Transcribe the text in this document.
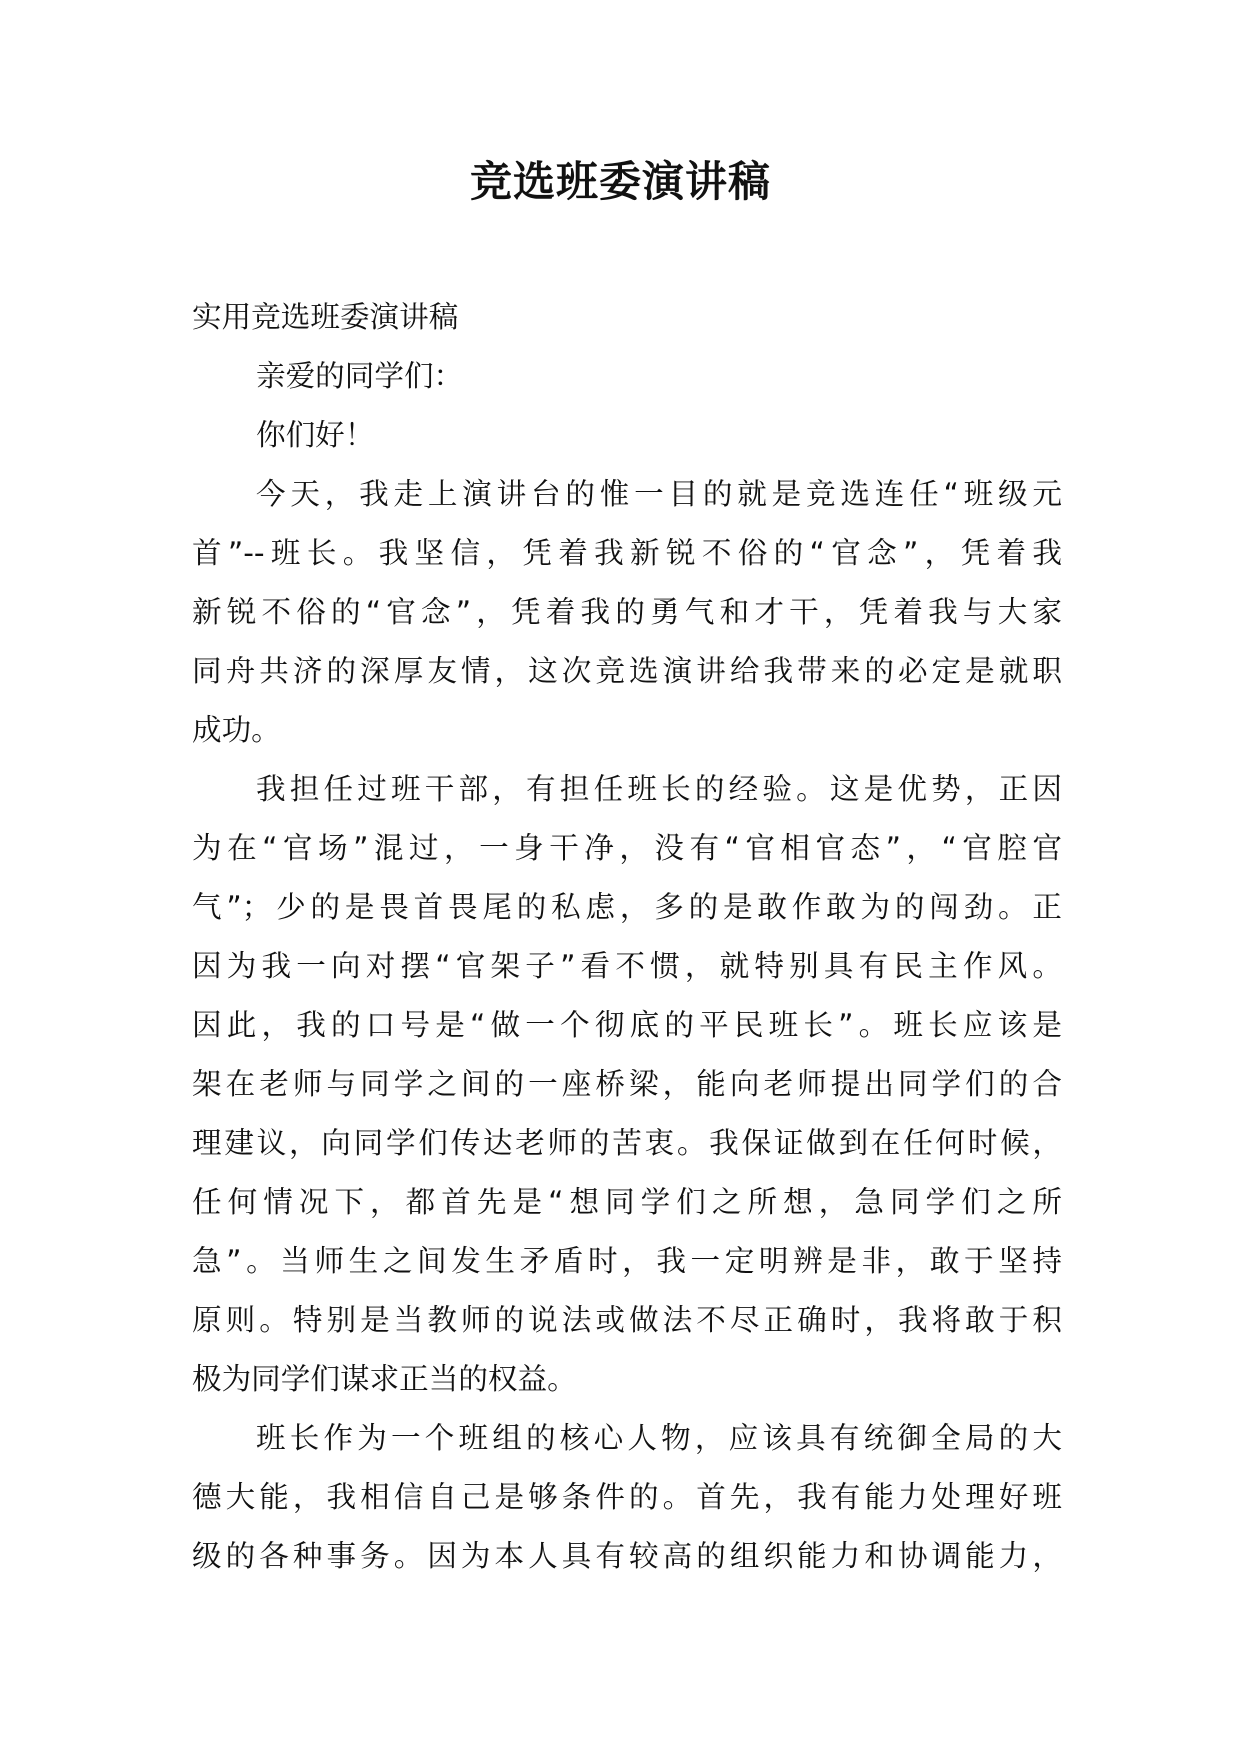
竞选班委演讲稿
实用竞选班委演讲稿
亲爱的同学们：
你们好！
今天，我走上演讲台的惟一目的就是竞选连任“班级元
首”--班长。我坚信，凭着我新锐不俗的“官念”，凭着我
新锐不俗的“官念”，凭着我的勇气和才干，凭着我与大家
同舟共济的深厚友情，这次竞选演讲给我带来的必定是就职
成功。
我担任过班干部，有担任班长的经验。这是优势，正因
为在“官场”混过，一身干净，没有“官相官态”，“官腔官
气”；少的是畏首畏尾的私虑，多的是敢作敢为的闯劲。正
因为我一向对摆“官架子”看不惯，就特别具有民主作风。
因此，我的口号是“做一个彻底的平民班长”。班长应该是
架在老师与同学之间的一座桥梁，能向老师提出同学们的合
理建议，向同学们传达老师的苦衷。我保证做到在任何时候，
任何情况下，都首先是“想同学们之所想，急同学们之所
急”。当师生之间发生矛盾时，我一定明辨是非，敢于坚持
原则。特别是当教师的说法或做法不尽正确时，我将敢于积
极为同学们谋求正当的权益。
班长作为一个班组的核心人物，应该具有统御全局的大
德大能，我相信自己是够条件的。首先，我有能力处理好班
级的各种事务。因为本人具有较高的组织能力和协调能力，
